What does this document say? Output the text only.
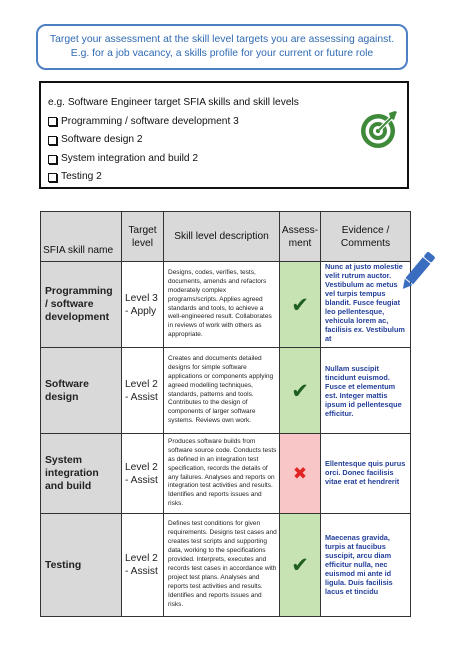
Target your assessment at the skill level targets you are assessing against.
E.g. for a job vacancy, a skills profile for your current or future role
e.g. Software Engineer target SFIA skills and skill levels
Programming / software development 3
Software design 2
System integration and build 2
Testing 2
SFIA skill name	Target level	Skill level description	Assess-ment	Evidence / Comments
Programming / software development	Level 3 - Apply	Designs, codes, verifies, tests, documents, amends and refactors moderately complex programs/scripts. Applies agreed standards and tools, to achieve a well-engineered result. Collaborates in reviews of work with others as appropriate.	✔	Nunc at justo molestie velit rutrum auctor. Vestibulum ac metus vel turpis tempus blandit. Fusce feugiat leo pellentesque, vehicula lorem ac, facilisis ex. Vestibulum at
Software design	Level 2 - Assist	Creates and documents detailed designs for simple software applications or components applying agreed modelling techniques, standards, patterns and tools. Contributes to the design of components of larger software systems. Reviews own work.	✔	Nullam suscipit tincidunt euismod. Fusce et elementum est. Integer mattis ipsum id pellentesque efficitur.
System integration and build	Level 2 - Assist	Produces software builds from software source code. Conducts tests as defined in an integration test specification, records the details of any failures. Analyses and reports on integration test activities and results. Identifies and reports issues and risks.	✖	Ellentesque quis purus orci. Donec facilisis vitae erat et hendrerit
Testing	Level 2 - Assist	Defines test conditions for given requirements. Designs test cases and creates test scripts and supporting data, working to the specifications provided. Interprets, executes and records test cases in accordance with project test plans. Analyses and reports test activities and results. Identifies and reports issues and risks.	✔	Maecenas gravida, turpis at faucibus suscipit, arcu diam efficitur nulla, nec euismod mi ante id ligula. Duis facilisis lacus et tincidu
